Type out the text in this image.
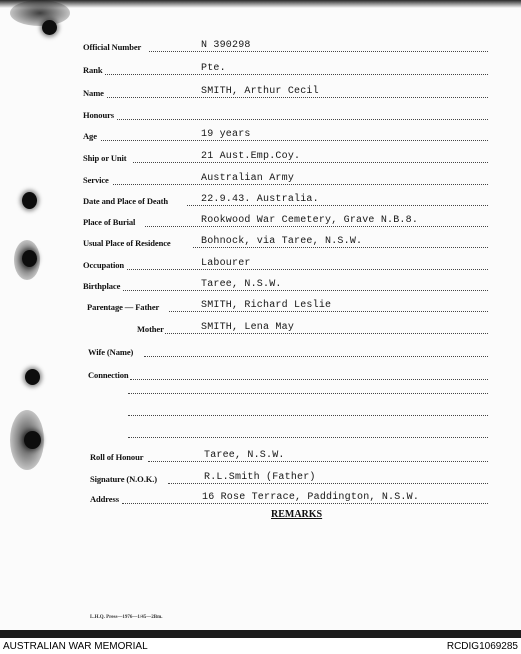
Official Number	N 390298
Rank	Pte.
Name	SMITH, Arthur Cecil
Honours
Age	19 years
Ship or Unit	21 Aust.Emp.Coy.
Service	Australian Army
Date and Place of Death	22.9.43. Australia.
Place of Burial	Rookwood War Cemetery, Grave N.B.8.
Usual Place of Residence	Bohnock, via Taree, N.S.W.
Occupation	Labourer
Birthplace	Taree, N.S.W.
Parentage — Father	SMITH, Richard Leslie
Mother	SMITH, Lena May
Wife (Name)
Connection
Roll of Honour	Taree, N.S.W.
Signature (N.O.K.)	R.L.Smith (Father)
Address	16 Rose Terrace, Paddington, N.S.W.
REMARKS
L.H.Q. Press—1976—1/45—2Bm.
AUSTRALIAN WAR MEMORIAL	RCDIG1069285
